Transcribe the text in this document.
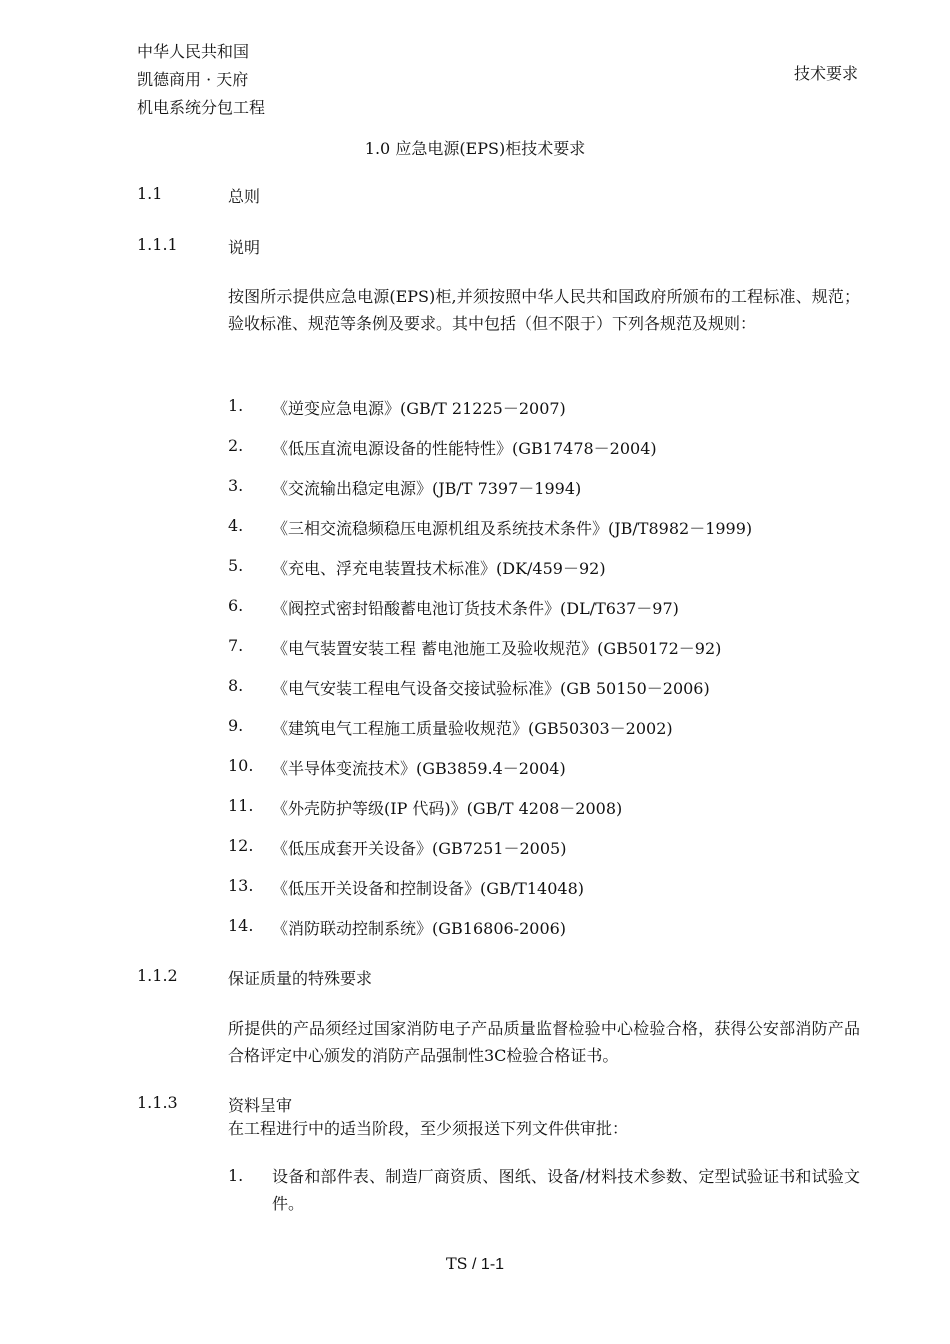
中华人民共和国
凯德商用 · 天府
机电系统分包工程
技术要求
1.0 应急电源(EPS)柜技术要求
1.1	总则
1.1.1	说明
按图所示提供应急电源(EPS)柜,并须按照中华人民共和国政府所颁布的工程标准、规范；验收标准、规范等条例及要求。其中包括（但不限于）下列各规范及规则：
1. 《逆变应急电源》(GB/T 21225－2007)
2. 《低压直流电源设备的性能特性》(GB17478－2004)
3. 《交流输出稳定电源》(JB/T 7397－1994)
4. 《三相交流稳频稳压电源机组及系统技术条件》(JB/T8982－1999)
5. 《充电、浮充电装置技术标准》(DK/459－92)
6. 《阀控式密封铅酸蓄电池订货技术条件》(DL/T637－97)
7. 《电气装置安装工程 蓄电池施工及验收规范》(GB50172－92)
8. 《电气安装工程电气设备交接试验标准》(GB 50150－2006)
9. 《建筑电气工程施工质量验收规范》(GB50303－2002)
10. 《半导体变流技术》(GB3859.4－2004)
11. 《外壳防护等级(IP 代码)》(GB/T 4208－2008)
12. 《低压成套开关设备》(GB7251－2005)
13. 《低压开关设备和控制设备》(GB/T14048)
14. 《消防联动控制系统》(GB16806-2006)
1.1.2	保证质量的特殊要求
所提供的产品须经过国家消防电子产品质量监督检验中心检验合格，获得公安部消防产品合格评定中心颁发的消防产品强制性3C检验合格证书。
1.1.3	资料呈审
在工程进行中的适当阶段，至少须报送下列文件供审批：
1. 设备和部件表、制造厂商资质、图纸、设备/材料技术参数、定型试验证书和试验文件。
TS / 1-1
